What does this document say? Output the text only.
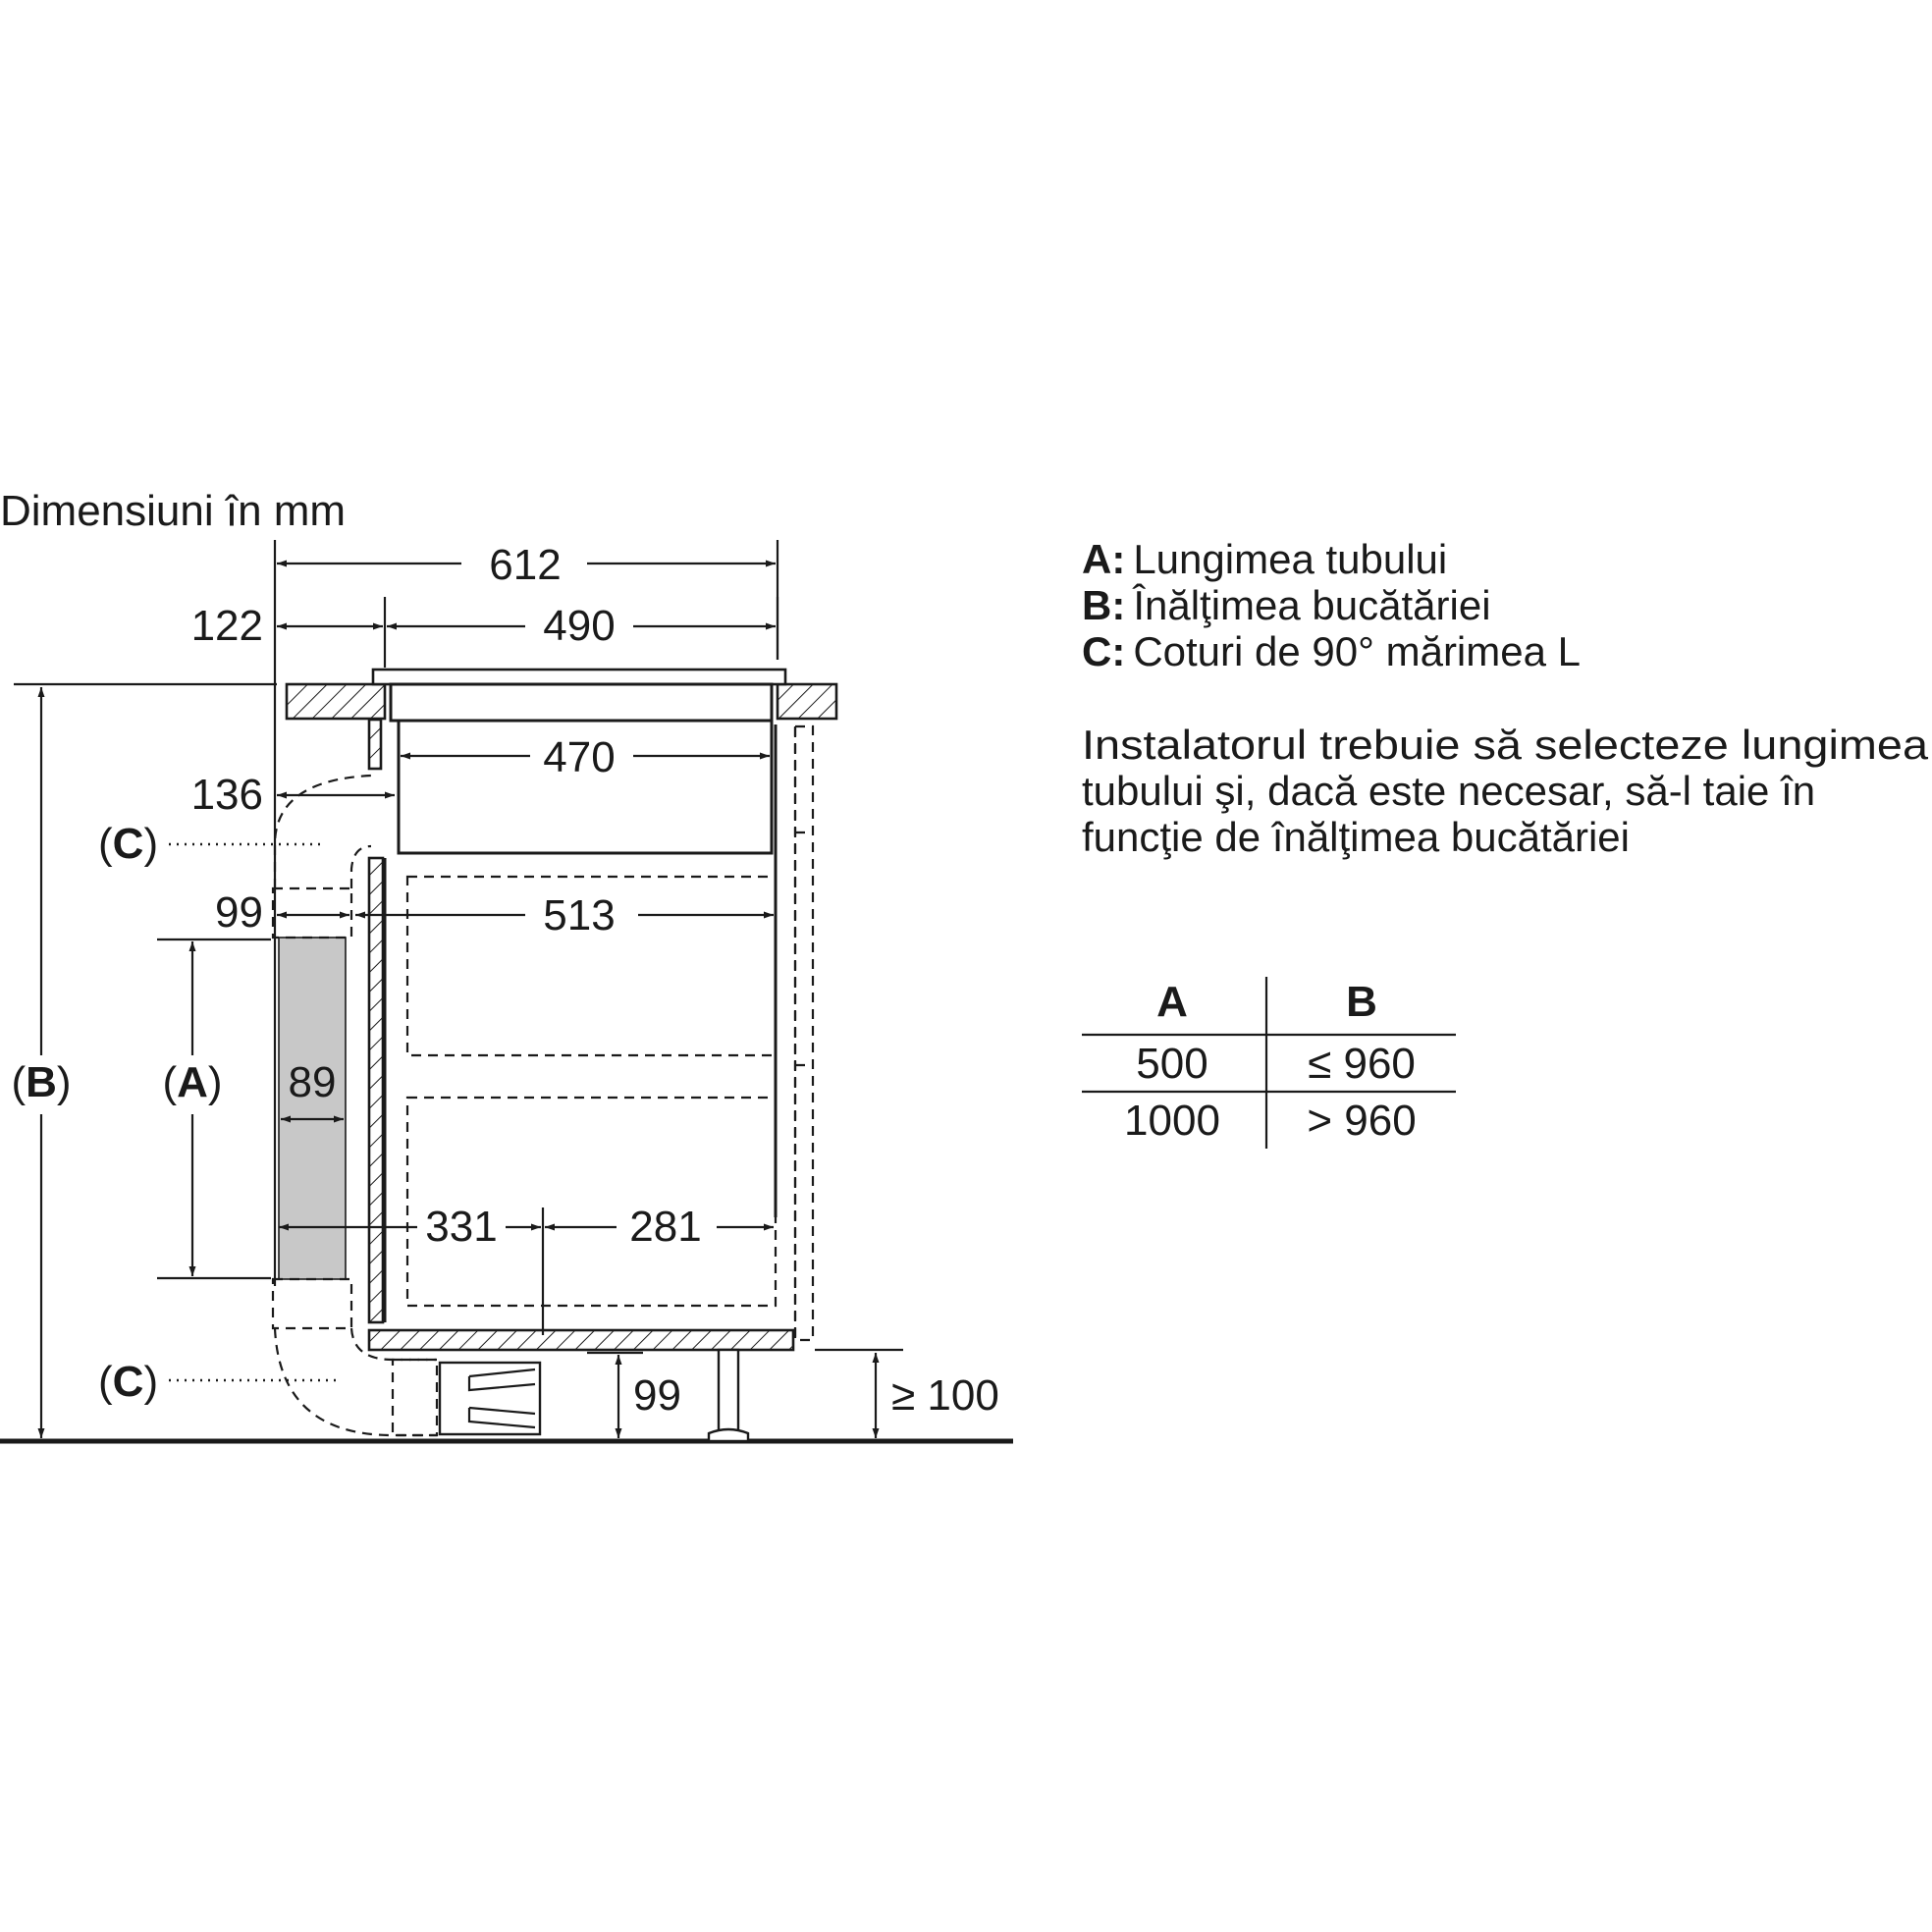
Dimensiuni în mm
612
122	490
470
136
(C)
99	513
(B) (A) 89
331	281
(C)	99	≥ 100
A: Lungimea tubului
B: Înălţimea bucătăriei
C: Coturi de 90° mărimea L
Instalatorul trebuie să selecteze lungimea
tubului şi, dacă este necesar, să-l taie în
funcţie de înălţimea bucătăriei
A	B
500 ≤ 960
1000 > 960
